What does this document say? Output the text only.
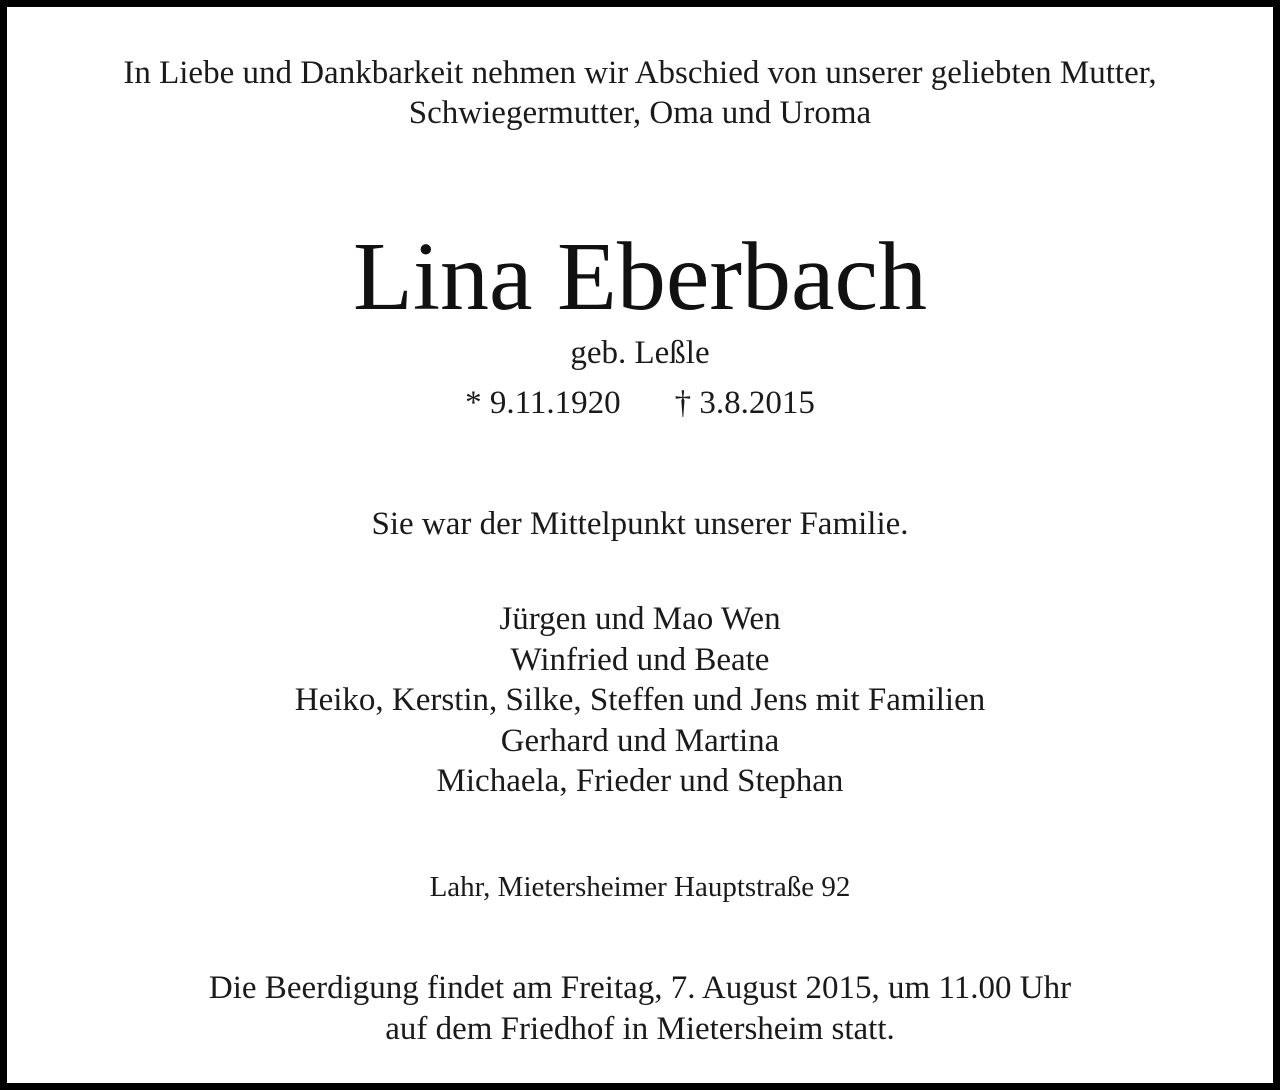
In Liebe und Dankbarkeit nehmen wir Abschied von unserer geliebten Mutter,
Schwiegermutter, Oma und Uroma
Lina Eberbach
geb. Leßle
* 9.11.1920 † 3.8.2015
Sie war der Mittelpunkt unserer Familie.
Jürgen und Mao Wen
Winfried und Beate
Heiko, Kerstin, Silke, Steffen und Jens mit Familien
Gerhard und Martina
Michaela, Frieder und Stephan
Lahr, Mietersheimer Hauptstraße 92
Die Beerdigung findet am Freitag, 7. August 2015, um 11.00 Uhr
auf dem Friedhof in Mietersheim statt.
